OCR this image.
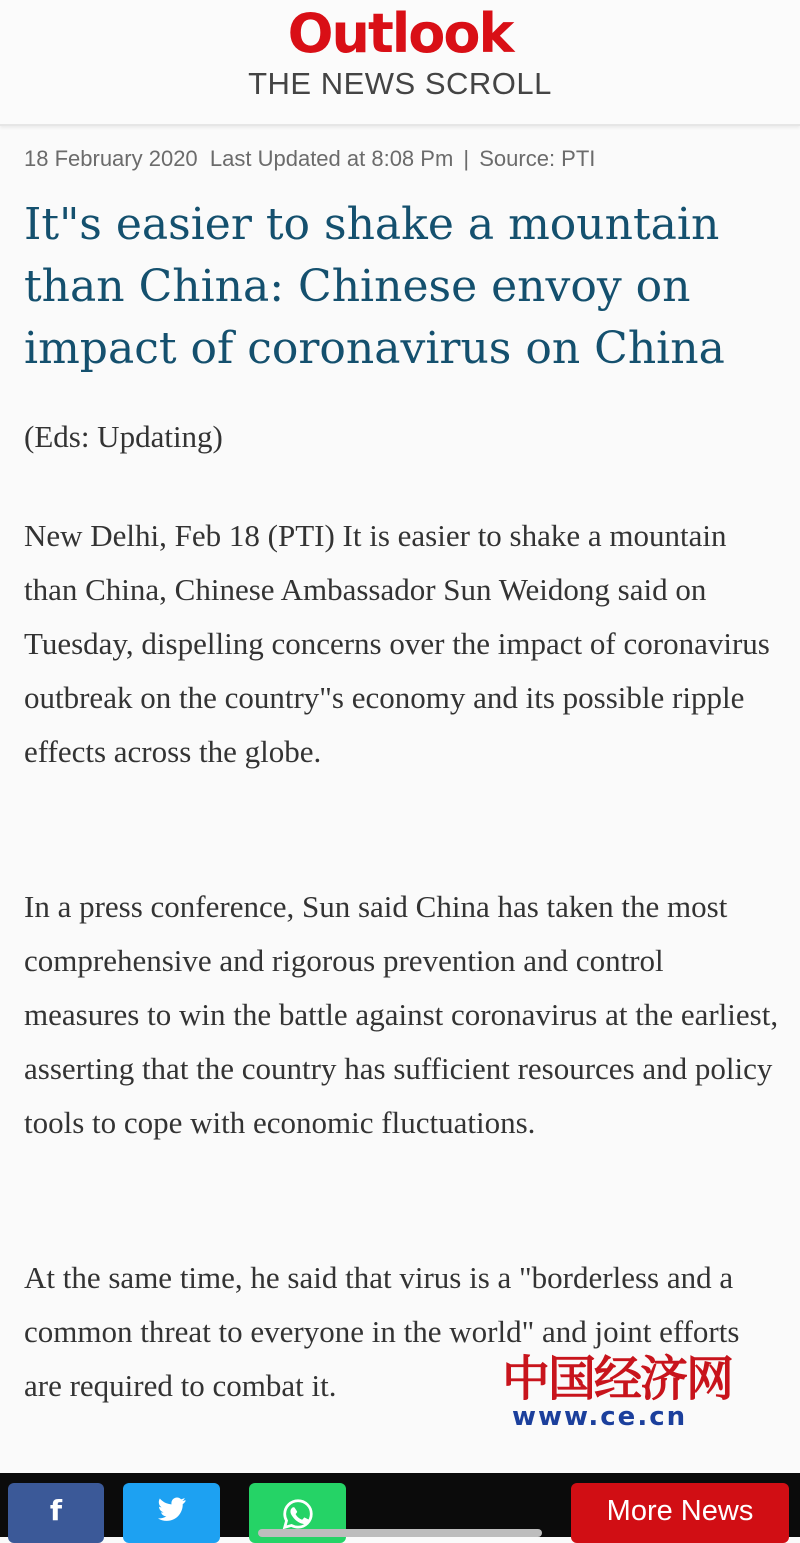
Outlook
THE NEWS SCROLL
18 February 2020 Last Updated at 8:08 Pm | Source: PTI
It"s easier to shake a mountain than China: Chinese envoy on impact of coronavirus on China

(Eds: Updating)

New Delhi, Feb 18 (PTI) It is easier to shake a mountain than China, Chinese Ambassador Sun Weidong said on Tuesday, dispelling concerns over the impact of coronavirus outbreak on the country"s economy and its possible ripple effects across the globe.

In a press conference, Sun said China has taken the most comprehensive and rigorous prevention and control measures to win the battle against coronavirus at the earliest, asserting that the country has sufficient resources and policy tools to cope with economic fluctuations.

At the same time, he said that virus is a "borderless and a common threat to everyone in the world" and joint efforts are required to combat it.	中国经济网
www.ce.cn
f	More News
